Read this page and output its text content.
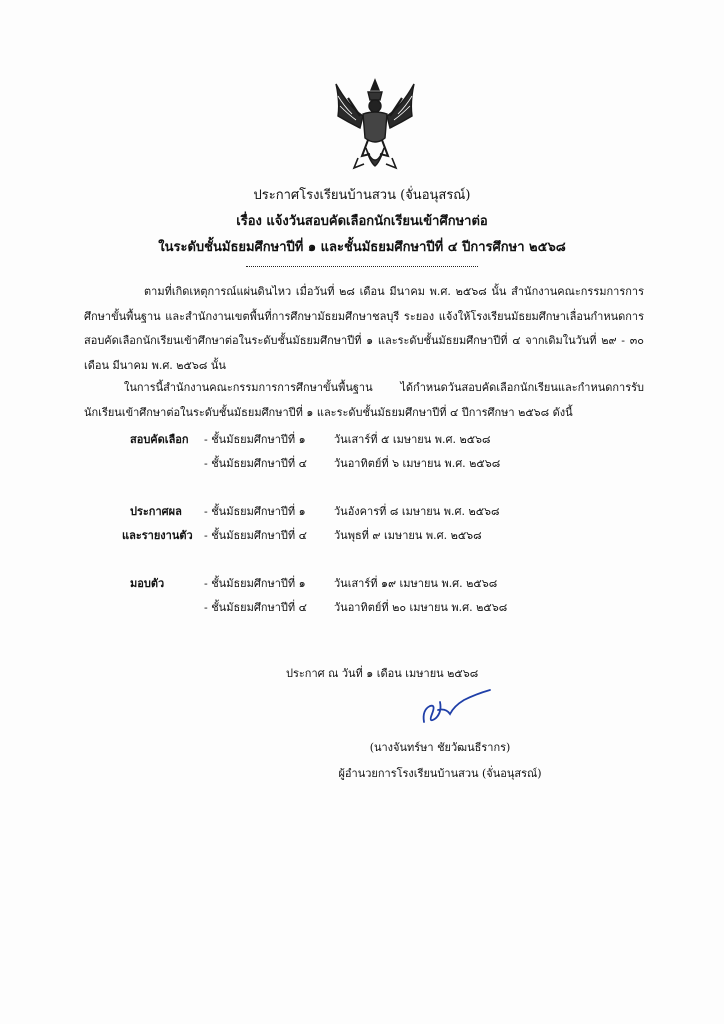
ประกาศโรงเรียนบ้านสวน (จั่นอนุสรณ์)
เรื่อง แจ้งวันสอบคัดเลือกนักเรียนเข้าศึกษาต่อ
ในระดับชั้นมัธยมศึกษาปีที่ ๑ และชั้นมัธยมศึกษาปีที่ ๔ ปีการศึกษา ๒๕๖๘
ตามที่เกิดเหตุการณ์แผ่นดินไหว เมื่อวันที่ ๒๘ เดือน มีนาคม พ.ศ. ๒๕๖๘ นั้น สำนักงานคณะกรรมการการศึกษาขั้นพื้นฐาน และสำนักงานเขตพื้นที่การศึกษามัธยมศึกษาชลบุรี ระยอง แจ้งให้โรงเรียนมัธยมศึกษาเลื่อนกำหนดการสอบคัดเลือกนักเรียนเข้าศึกษาต่อในระดับชั้นมัธยมศึกษาปีที่ ๑ และระดับชั้นมัธยมศึกษาปีที่ ๔ จากเดิมในวันที่ ๒๙ - ๓๐ เดือน มีนาคม พ.ศ. ๒๕๖๘ นั้น
ในการนี้สำนักงานคณะกรรมการการศึกษาขั้นพื้นฐาน ได้กำหนดวันสอบคัดเลือกนักเรียนและกำหนดการรับนักเรียนเข้าศึกษาต่อในระดับชั้นมัธยมศึกษาปีที่ ๑ และระดับชั้นมัธยมศึกษาปีที่ ๔ ปีการศึกษา ๒๕๖๘ ดังนี้
สอบคัดเลือก - ชั้นมัธยมศึกษาปีที่ ๑	วันเสาร์ที่ ๕ เมษายน พ.ศ. ๒๕๖๘
- ชั้นมัธยมศึกษาปีที่ ๔ วันอาทิตย์ที่ ๖ เมษายน พ.ศ. ๒๕๖๘
ประกาศผล - ชั้นมัธยมศึกษาปีที่ ๑	วันอังคารที่ ๘ เมษายน พ.ศ. ๒๕๖๘
และรายงานตัว - ชั้นมัธยมศึกษาปีที่ ๔ วันพุธที่ ๙ เมษายน พ.ศ. ๒๕๖๘
มอบตัว	- ชั้นมัธยมศึกษาปีที่ ๑	วันเสาร์ที่ ๑๙ เมษายน พ.ศ. ๒๕๖๘
- ชั้นมัธยมศึกษาปีที่ ๔ วันอาทิตย์ที่ ๒๐ เมษายน พ.ศ. ๒๕๖๘
ประกาศ ณ วันที่ ๑ เดือน เมษายน ๒๕๖๘
(นางจันทร์ษา ชัยวัฒนธีรากร)
ผู้อำนวยการโรงเรียนบ้านสวน (จั่นอนุสรณ์)
